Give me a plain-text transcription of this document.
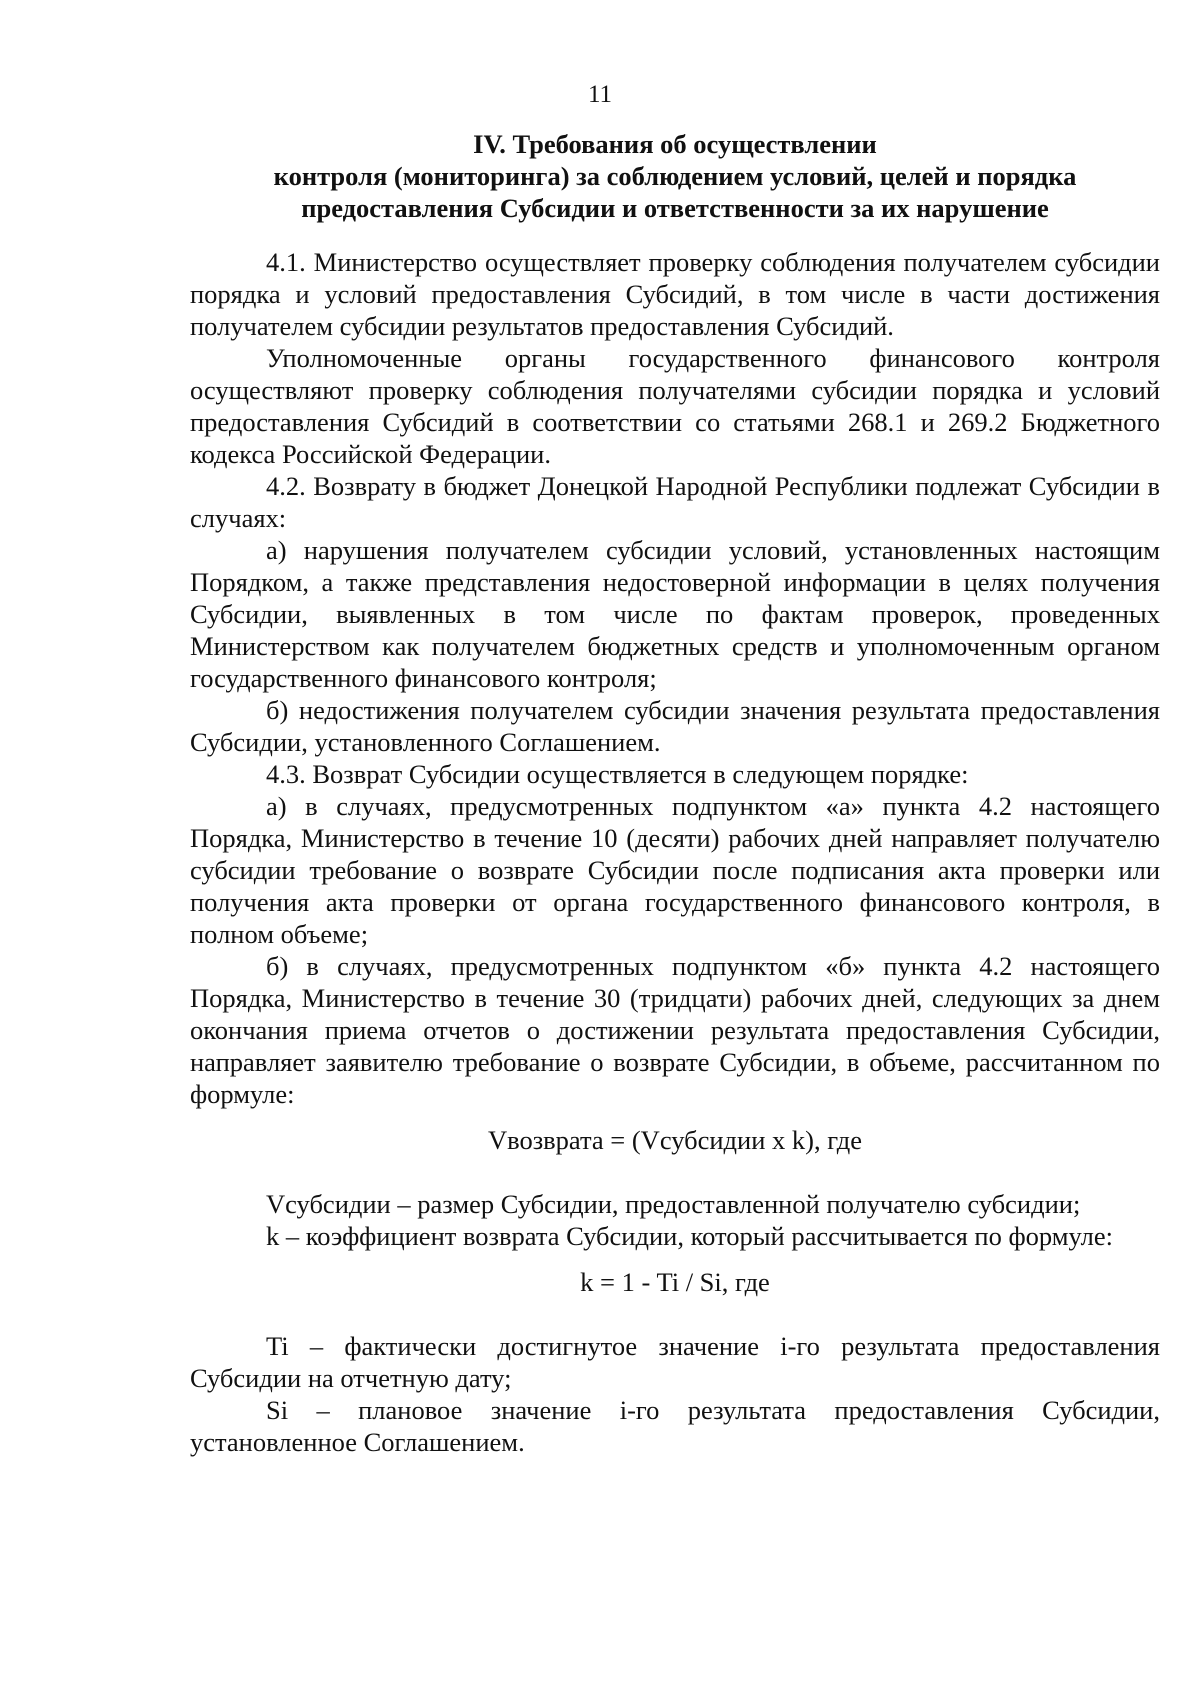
11
IV. Требования об осуществлении
контроля (мониторинга) за соблюдением условий, целей и порядка
предоставления Субсидии и ответственности за их нарушение

4.1. Министерство осуществляет проверку соблюдения получателем субсидии порядка и условий предоставления Субсидий, в том числе в части достижения получателем субсидии результатов предоставления Субсидий.

Уполномоченные органы государственного финансового контроля осуществляют проверку соблюдения получателями субсидии порядка и условий предоставления Субсидий в соответствии со статьями 268.1 и 269.2 Бюджетного кодекса Российской Федерации.

4.2. Возврату в бюджет Донецкой Народной Республики подлежат Субсидии в случаях:

а) нарушения получателем субсидии условий, установленных настоящим Порядком, а также представления недостоверной информации в целях получения Субсидии, выявленных в том числе по фактам проверок, проведенных Министерством как получателем бюджетных средств и уполномоченным органом государственного финансового контроля;

б) недостижения получателем субсидии значения результата предоставления Субсидии, установленного Соглашением.

4.3. Возврат Субсидии осуществляется в следующем порядке:

а) в случаях, предусмотренных подпунктом «а» пункта 4.2 настоящего Порядка, Министерство в течение 10 (десяти) рабочих дней направляет получателю субсидии требование о возврате Субсидии после подписания акта проверки или получения акта проверки от органа государственного финансового контроля, в полном объеме;

б) в случаях, предусмотренных подпунктом «б» пункта 4.2 настоящего Порядка, Министерство в течение 30 (тридцати) рабочих дней, следующих за днем окончания приема отчетов о достижении результата предоставления Субсидии, направляет заявителю требование о возврате Субсидии, в объеме, рассчитанном по формуле:

Vвозврата = (Vсубсидии x k), где

Vсубсидии – размер Субсидии, предоставленной получателю субсидии;

k – коэффициент возврата Субсидии, который рассчитывается по формуле:

k = 1 - Ti / Si, где

Ti – фактически достигнутое значение i-го результата предоставления Субсидии на отчетную дату;

Si – плановое значение i-го результата предоставления Субсидии, установленное Соглашением.
